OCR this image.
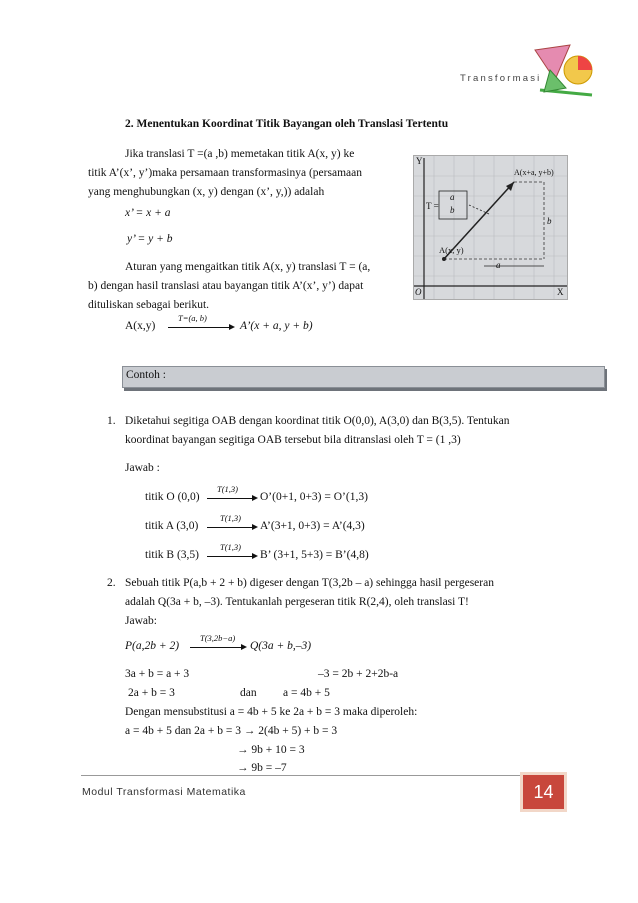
Transformasi
2. Menentukan Koordinat Titik Bayangan oleh Translasi Tertentu
Jika translasi T =(a ,b) memetakan titik A(x, y) ke
titik A’(x’, y’)maka persamaan transformasinya (persamaan
yang menghubungkan (x, y) dengan (x’, y,)) adalah
x’ = x + a
y’ = y + b
Aturan yang mengaitkan titik A(x, y) translasi T = (a,
b) dengan hasil translasi atau bayangan titik A’(x’, y’) dapat
dituliskan sebagai berikut.
A(x,y)
T=(a, b)
A’(x + a, y + b)
A(x+a, y+b)
A(x, y)
T =
a
b
a
b
Y
X
O
Contoh :
1. Diketahui segitiga OAB dengan koordinat titik O(0,0), A(3,0) dan B(3,5). Tentukan
koordinat bayangan segitiga OAB tersebut bila ditranslasi oleh T = (1 ,3)
Jawab :
titik O (0,0)
T(1,3)
O’(0+1, 0+3) = O’(1,3)
titik A (3,0)
T(1,3)
A’(3+1, 0+3) = A’(4,3)
titik B (3,5)
T(1,3)
B’ (3+1, 5+3) = B’(4,8)
2. Sebuah titik P(a,b + 2 + b) digeser dengan T(3,2b – a) sehingga hasil pergeseran
adalah Q(3a + b, –3). Tentukanlah pergeseran titik R(2,4), oleh translasi T!
Jawab:
P(a,2b + 2)
T(3,2b−a)
Q(3a + b,–3)
3a + b = a + 3	–3 = 2b + 2+2b-a
2a + b = 3	dan a = 4b + 5
Dengan mensubstitusi a = 4b + 5 ke 2a + b = 3 maka diperoleh:
a = 4b + 5 dan 2a + b = 3 → 2(4b + 5) + b = 3
→ 9b + 10 = 3
→ 9b = –7
Modul Transformasi Matematika	14
